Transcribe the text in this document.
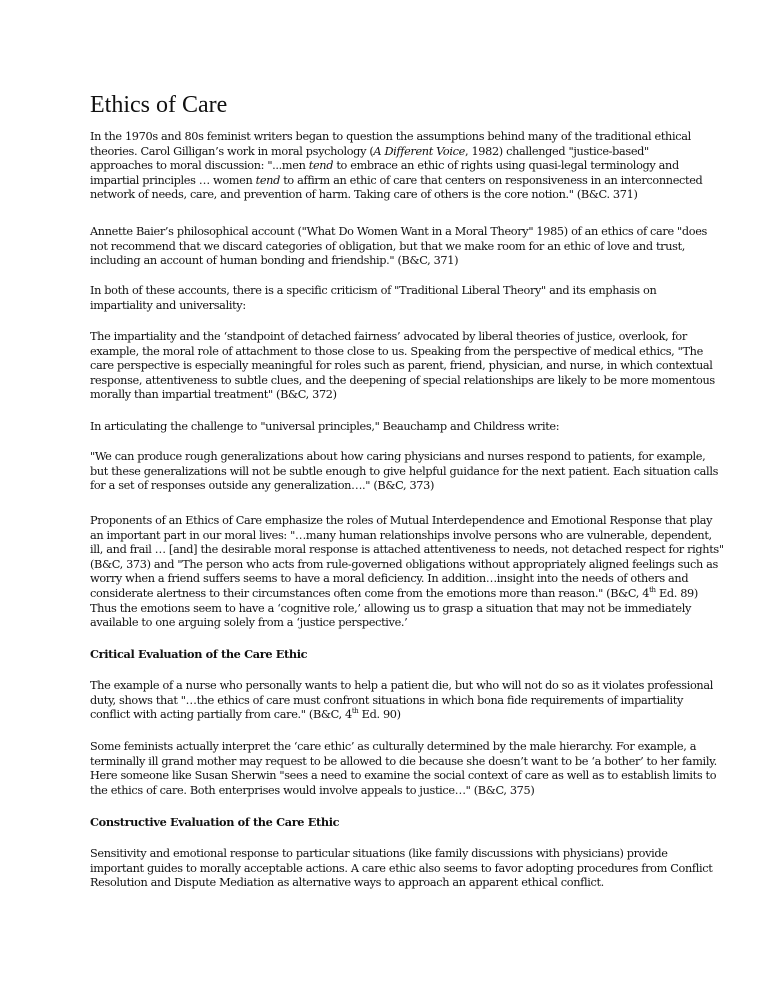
Ethics of Care

In the 1970s and 80s feminist writers began to question the assumptions behind many of the traditional ethical
theories. Carol Gilligan’s work in moral psychology (A Different Voice, 1982) challenged "justice-based"
approaches to moral discussion: "...men tend to embrace an ethic of rights using quasi-legal terminology and
impartial principles … women tend to affirm an ethic of care that centers on responsiveness in an interconnected
network of needs, care, and prevention of harm. Taking care of others is the core notion." (B&C. 371)

Annette Baier’s philosophical account ("What Do Women Want in a Moral Theory" 1985) of an ethics of care "does
not recommend that we discard categories of obligation, but that we make room for an ethic of love and trust,
including an account of human bonding and friendship." (B&C, 371)

In both of these accounts, there is a specific criticism of "Traditional Liberal Theory" and its emphasis on
impartiality and universality:

The impartiality and the ‘standpoint of detached fairness’ advocated by liberal theories of justice, overlook, for
example, the moral role of attachment to those close to us. Speaking from the perspective of medical ethics, "The
care perspective is especially meaningful for roles such as parent, friend, physician, and nurse, in which contextual
response, attentiveness to subtle clues, and the deepening of special relationships are likely to be more momentous
morally than impartial treatment" (B&C, 372)

In articulating the challenge to "universal principles," Beauchamp and Childress write:

"We can produce rough generalizations about how caring physicians and nurses respond to patients, for example,
but these generalizations will not be subtle enough to give helpful guidance for the next patient. Each situation calls
for a set of responses outside any generalization…." (B&C, 373)

Proponents of an Ethics of Care emphasize the roles of Mutual Interdependence and Emotional Response that play
an important part in our moral lives: "…many human relationships involve persons who are vulnerable, dependent,
ill, and frail … [and] the desirable moral response is attached attentiveness to needs, not detached respect for rights"
(B&C, 373) and "The person who acts from rule-governed obligations without appropriately aligned feelings such as
worry when a friend suffers seems to have a moral deficiency. In addition…insight into the needs of others and
considerate alertness to their circumstances often come from the emotions more than reason." (B&C, 4th Ed. 89)
Thus the emotions seem to have a ‘cognitive role,’ allowing us to grasp a situation that may not be immediately
available to one arguing solely from a ‘justice perspective.’

Critical Evaluation of the Care Ethic

The example of a nurse who personally wants to help a patient die, but who will not do so as it violates professional
duty, shows that "…the ethics of care must confront situations in which bona fide requirements of impartiality
conflict with acting partially from care." (B&C, 4th Ed. 90)

Some feminists actually interpret the ‘care ethic’ as culturally determined by the male hierarchy. For example, a
terminally ill grand mother may request to be allowed to die because she doesn’t want to be ‘a bother’ to her family.
Here someone like Susan Sherwin "sees a need to examine the social context of care as well as to establish limits to
the ethics of care. Both enterprises would involve appeals to justice…" (B&C, 375)

Constructive Evaluation of the Care Ethic

Sensitivity and emotional response to particular situations (like family discussions with physicians) provide
important guides to morally acceptable actions. A care ethic also seems to favor adopting procedures from Conflict
Resolution and Dispute Mediation as alternative ways to approach an apparent ethical conflict.
